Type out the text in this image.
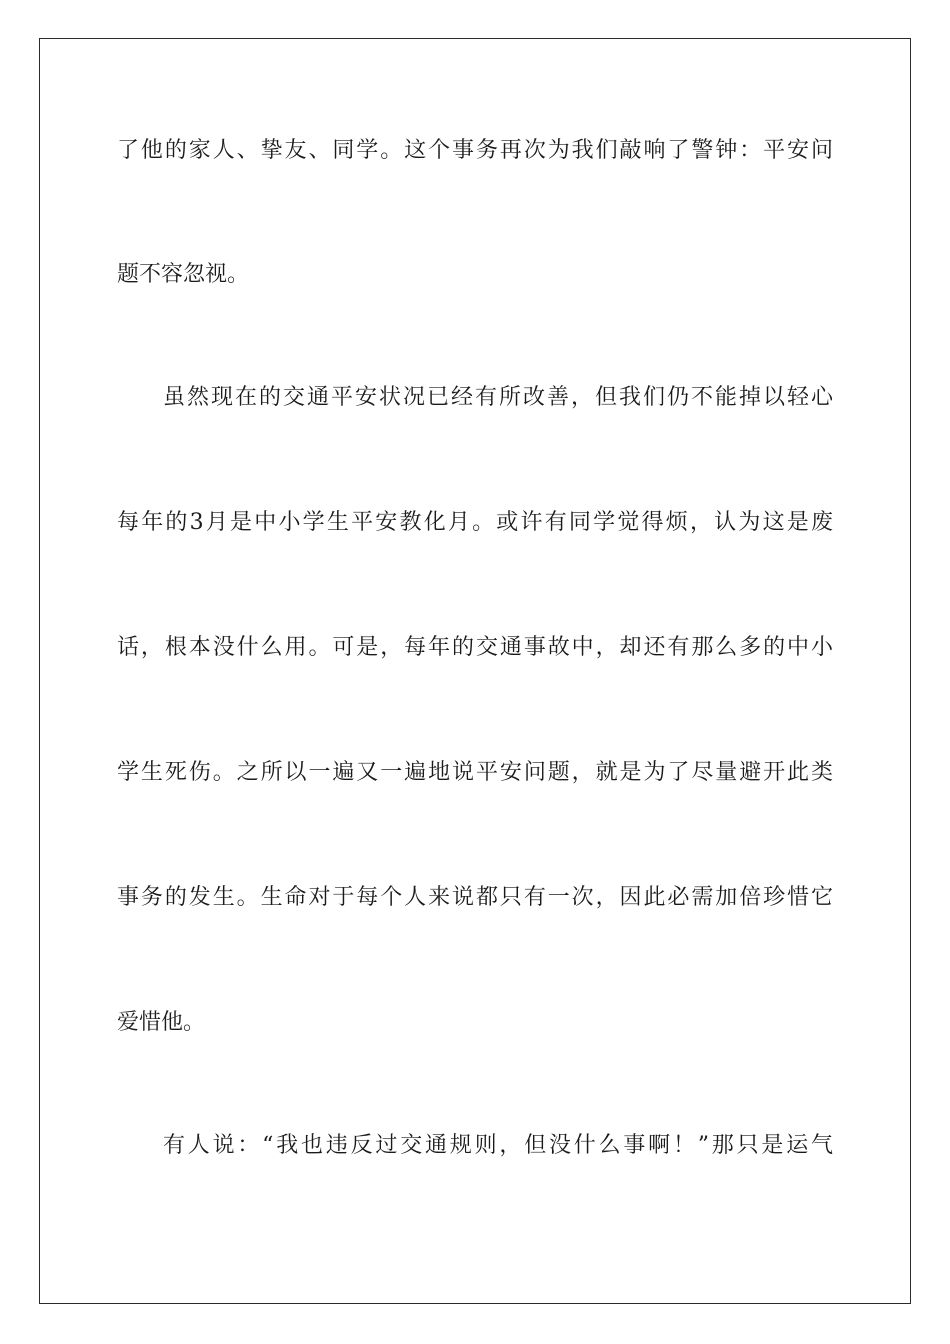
了他的家人、挚友、同学。这个事务再次为我们敲响了警钟：平安问
题不容忽视。
虽然现在的交通平安状况已经有所改善，但我们仍不能掉以轻心
每年的3月是中小学生平安教化月。或许有同学觉得烦，认为这是废
话，根本没什么用。可是，每年的交通事故中，却还有那么多的中小
学生死伤。之所以一遍又一遍地说平安问题，就是为了尽量避开此类
事务的发生。生命对于每个人来说都只有一次，因此必需加倍珍惜它
爱惜他。
有人说：“我也违反过交通规则，但没什么事啊！”那只是运气
